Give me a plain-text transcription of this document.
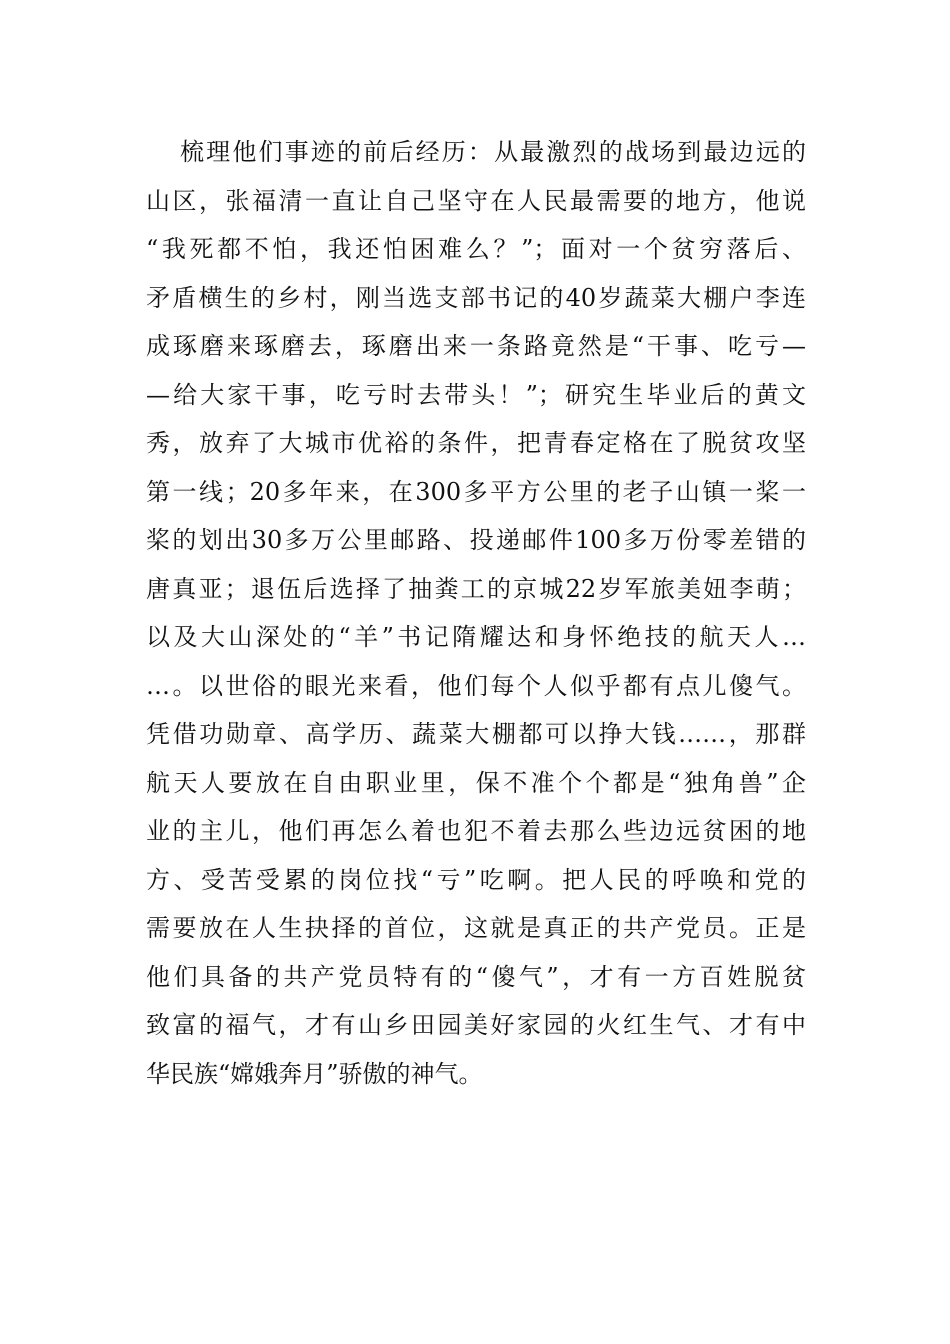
梳理他们事迹的前后经历：从最激烈的战场到最边远的
山区，张福清一直让自己坚守在人民最需要的地方，他说
“我死都不怕，我还怕困难么？”；面对一个贫穷落后、
矛盾横生的乡村，刚当选支部书记的40岁蔬菜大棚户李连
成琢磨来琢磨去，琢磨出来一条路竟然是“干事、吃亏—
—给大家干事，吃亏时去带头！”；研究生毕业后的黄文
秀，放弃了大城市优裕的条件，把青春定格在了脱贫攻坚
第一线；20多年来，在300多平方公里的老子山镇一桨一
桨的划出30多万公里邮路、投递邮件100多万份零差错的
唐真亚；退伍后选择了抽粪工的京城22岁军旅美妞李萌；
以及大山深处的“羊”书记隋耀达和身怀绝技的航天人…
…。以世俗的眼光来看，他们每个人似乎都有点儿傻气。
凭借功勋章、高学历、蔬菜大棚都可以挣大钱……，那群
航天人要放在自由职业里，保不准个个都是“独角兽”企
业的主儿，他们再怎么着也犯不着去那么些边远贫困的地
方、受苦受累的岗位找“亏”吃啊。把人民的呼唤和党的
需要放在人生抉择的首位，这就是真正的共产党员。正是
他们具备的共产党员特有的“傻气”，才有一方百姓脱贫
致富的福气，才有山乡田园美好家园的火红生气、才有中
华民族“嫦娥奔月”骄傲的神气。
